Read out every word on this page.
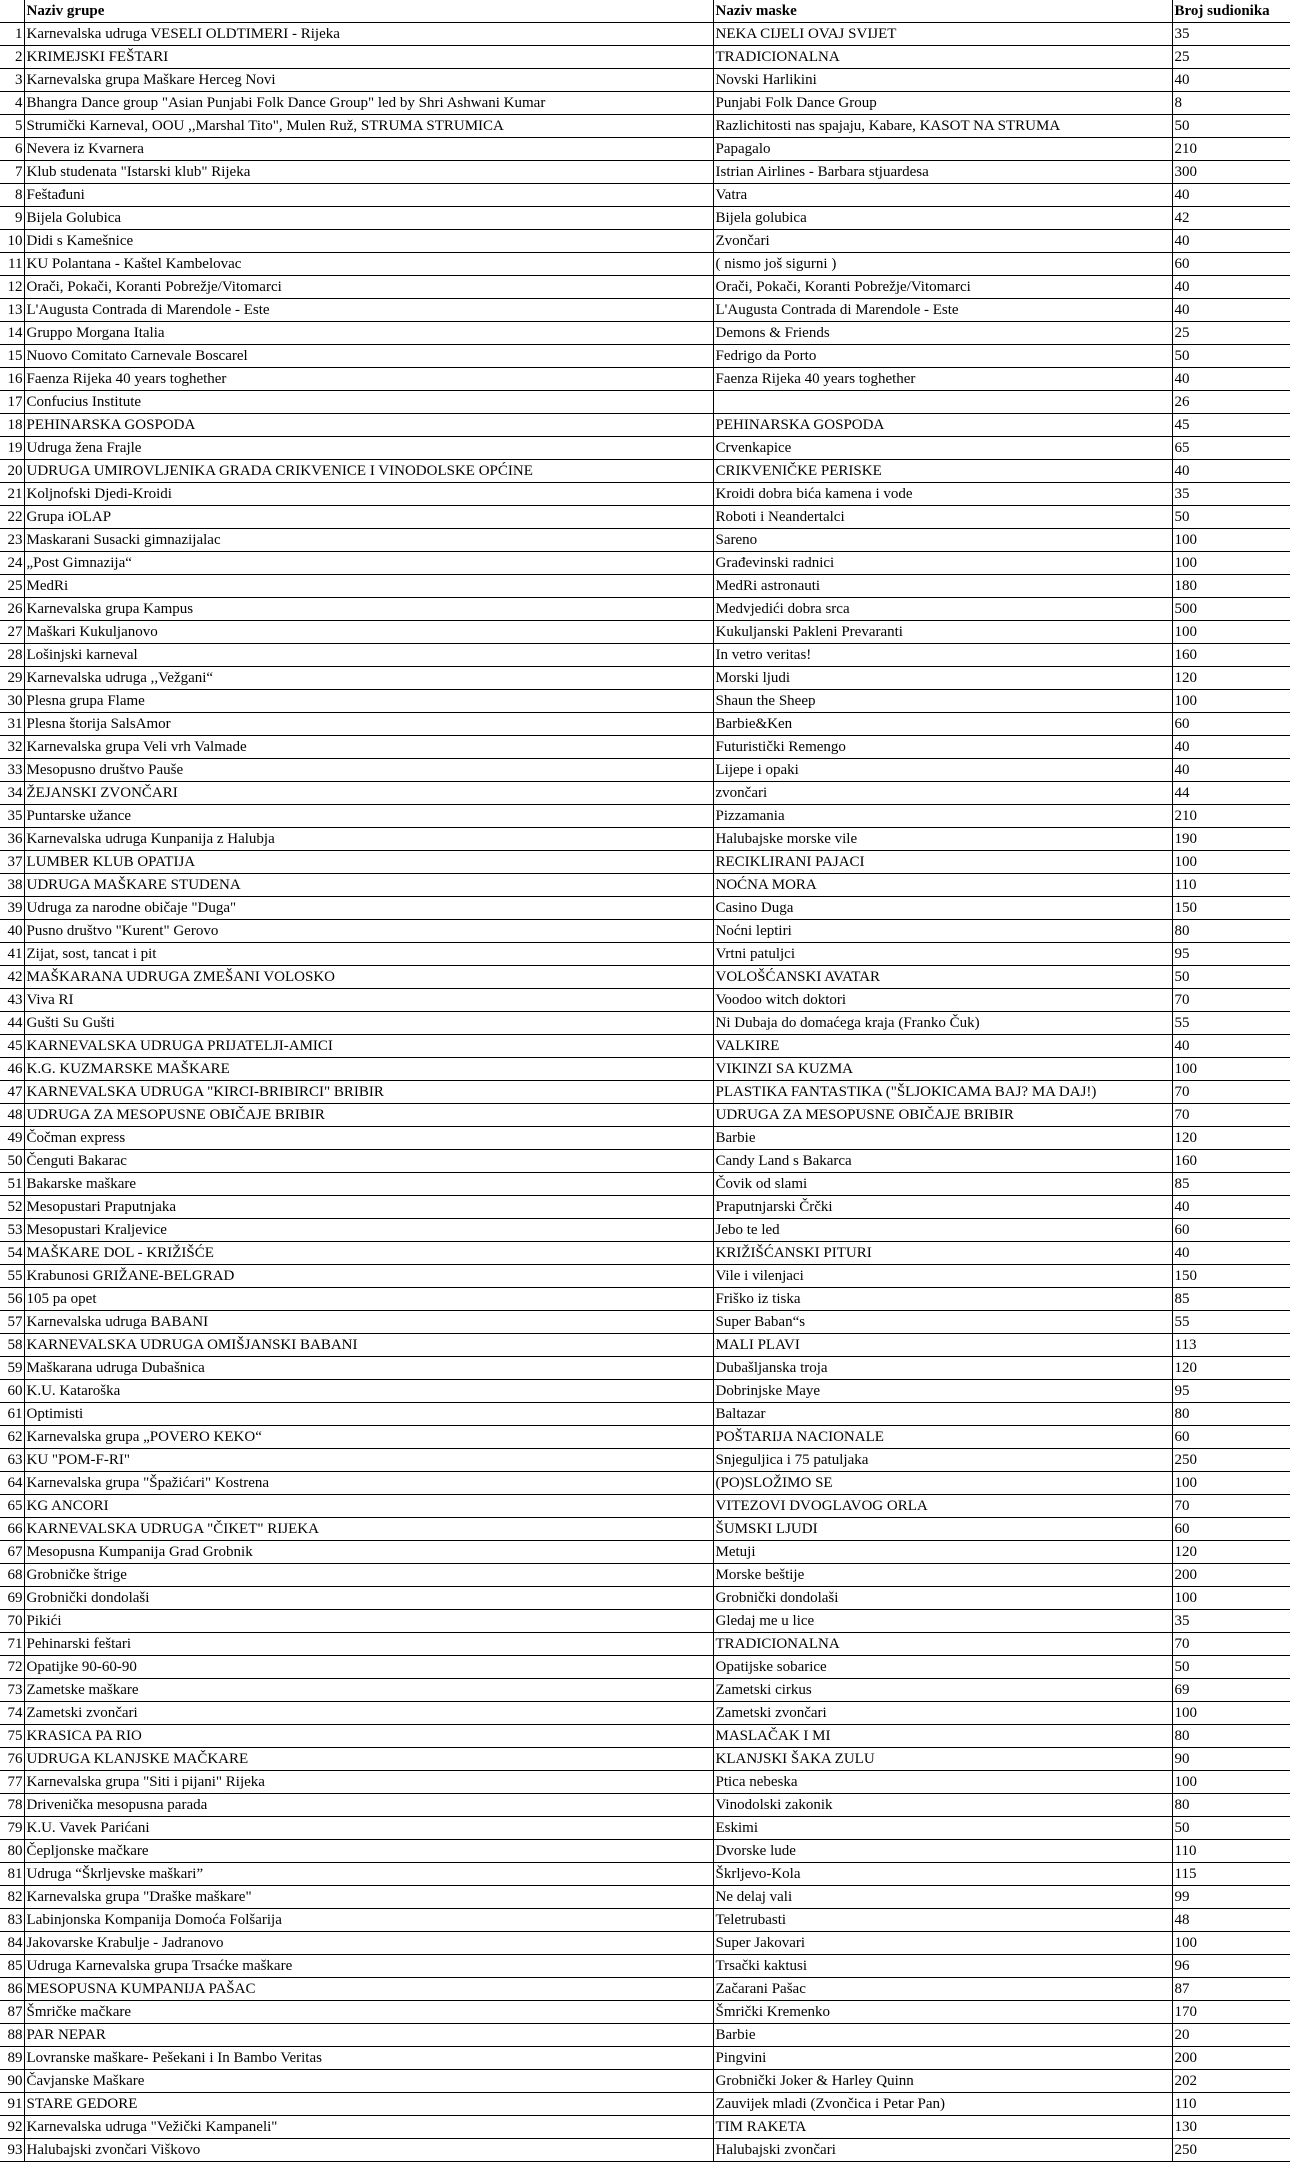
	Naziv grupe	Naziv maske	Broj sudionika
1	Karnevalska udruga VESELI OLDTIMERI - Rijeka	NEKA CIJELI OVAJ SVIJET	35
2	KRIMEJSKI FEŠTARI	TRADICIONALNA	25
3	Karnevalska grupa Maškare Herceg Novi	Novski Harlikini	40
4	Bhangra Dance group "Asian Punjabi Folk Dance Group" led by Shri Ashwani Kumar	Punjabi Folk Dance Group	8
5	Strumički Karneval, OOU ,,Marshal Tito", Mulen Ruž, STRUMA STRUMICA	Razlichitosti nas spajaju, Kabare, KASOT NA STRUMA	50
6	Nevera iz Kvarnera	Papagalo	210
7	Klub studenata "Istarski klub" Rijeka	Istrian Airlines - Barbara stjuardesa	300
8	Feštađuni	Vatra	40
9	Bijela Golubica	Bijela golubica	42
10	Didi s Kamešnice	Zvončari	40
11	KU Polantana - Kaštel Kambelovac	( nismo još sigurni )	60
12	Orači, Pokači, Koranti Pobrežje/Vitomarci	Orači, Pokači, Koranti Pobrežje/Vitomarci	40
13	L'Augusta Contrada di Marendole - Este	L'Augusta Contrada di Marendole - Este	40
14	Gruppo Morgana Italia	Demons & Friends	25
15	Nuovo Comitato Carnevale Boscarel	Fedrigo da Porto	50
16	Faenza Rijeka 40 years toghether	Faenza Rijeka 40 years toghether	40
17	Confucius Institute		26
18	PEHINARSKA GOSPODA	PEHINARSKA GOSPODA	45
19	Udruga žena Frajle	Crvenkapice	65
20	UDRUGA UMIROVLJENIKA GRADA CRIKVENICE I VINODOLSKE OPĆINE	CRIKVENIČKE PERISKE	40
21	Koljnofski Djedi-Kroidi	Kroidi dobra bića kamena i vode	35
22	Grupa iOLAP	Roboti i Neandertalci	50
23	Maskarani Susacki gimnazijalac	Sareno	100
24	„Post Gimnazija“	Građevinski radnici	100
25	MedRi	MedRi astronauti	180
26	Karnevalska grupa Kampus	Medvjedići dobra srca	500
27	Maškari Kukuljanovo	Kukuljanski Pakleni Prevaranti	100
28	Lošinjski karneval	In vetro veritas!	160
29	Karnevalska udruga ,,Vežgani“	Morski ljudi	120
30	Plesna grupa Flame	Shaun the Sheep	100
31	Plesna štorija SalsAmor	Barbie&Ken	60
32	Karnevalska grupa Veli vrh Valmade	Futuristički Remengo	40
33	Mesopusno društvo Pauše	Lijepe i opaki	40
34	ŽEJANSKI ZVONČARI	zvončari	44
35	Puntarske užance	Pizzamania	210
36	Karnevalska udruga Kunpanija z Halubja	Halubajske morske vile	190
37	LUMBER KLUB OPATIJA	RECIKLIRANI PAJACI	100
38	UDRUGA MAŠKARE STUDENA	NOĆNA MORA	110
39	Udruga za narodne običaje "Duga"	Casino Duga	150
40	Pusno društvo "Kurent" Gerovo	Noćni leptiri	80
41	Zijat, sost, tancat i pit	Vrtni patuljci	95
42	MAŠKARANA UDRUGA ZMEŠANI VOLOSKO	VOLOŠĆANSKI AVATAR	50
43	Viva RI	Voodoo witch doktori	70
44	Gušti Su Gušti	Ni Dubaja do domaćega kraja (Franko Čuk)	55
45	KARNEVALSKA UDRUGA PRIJATELJI-AMICI	VALKIRE	40
46	K.G. KUZMARSKE MAŠKARE	VIKINZI SA KUZMA	100
47	KARNEVALSKA UDRUGA "KIRCI-BRIBIRCI" BRIBIR	PLASTIKA FANTASTIKA ("ŠLJOKICAMA BAJ? MA DAJ!)	70
48	UDRUGA ZA MESOPUSNE OBIČAJE BRIBIR	UDRUGA ZA MESOPUSNE OBIČAJE BRIBIR	70
49	Čočman express	Barbie	120
50	Čenguti Bakarac	Candy Land s Bakarca	160
51	Bakarske maškare	Čovik od slami	85
52	Mesopustari Praputnjaka	Praputnjarski Črčki	40
53	Mesopustari Kraljevice	Jebo te led	60
54	MAŠKARE DOL - KRIŽIŠĆE	KRIŽIŠĆANSKI PITURI	40
55	Krabunosi GRIŽANE-BELGRAD	Vile i vilenjaci	150
56	105 pa opet	Friško iz tiska	85
57	Karnevalska udruga BABANI	Super Baban“s	55
58	KARNEVALSKA UDRUGA OMIŠJANSKI BABANI	MALI PLAVI	113
59	Maškarana udruga Dubašnica	Dubašljanska troja	120
60	K.U. Kataroška	Dobrinjske Maye	95
61	Optimisti	Baltazar	80
62	Karnevalska grupa „POVERO KEKO“	POŠTARIJA NACIONALE	60
63	KU "POM-F-RI"	Snjeguljica i 75 patuljaka	250
64	Karnevalska grupa "Špažićari" Kostrena	(PO)SLOŽIMO SE	100
65	KG ANCORI	VITEZOVI DVOGLAVOG ORLA	70
66	KARNEVALSKA UDRUGA "ČIKET" RIJEKA	ŠUMSKI LJUDI	60
67	Mesopusna Kumpanija Grad Grobnik	Metuji	120
68	Grobničke štrige	Morske beštije	200
69	Grobnički dondolaši	Grobnički dondolaši	100
70	Pikići	Gledaj me u lice	35
71	Pehinarski feštari	TRADICIONALNA	70
72	Opatijke 90-60-90	Opatijske sobarice	50
73	Zametske maškare	Zametski cirkus	69
74	Zametski zvončari	Zametski zvončari	100
75	KRASICA PA RIO	MASLAČAK I MI	80
76	UDRUGA KLANJSKE MAČKARE	KLANJSKI ŠAKA ZULU	90
77	Karnevalska grupa "Siti i pijani" Rijeka	Ptica nebeska	100
78	Drivenička mesopusna parada	Vinodolski zakonik	80
79	K.U. Vavek Parićani	Eskimi	50
80	Čepljonske mačkare	Dvorske lude	110
81	Udruga “Škrljevske maškari”	Škrljevo-Kola	115
82	Karnevalska grupa "Draške maškare"	Ne delaj vali	99
83	Labinjonska Kompanija Domoća Folšarija	Teletrubasti	48
84	Jakovarske Krabulje - Jadranovo	Super Jakovari	100
85	Udruga Karnevalska grupa Trsaćke maškare	Trsački kaktusi	96
86	MESOPUSNA KUMPANIJA PAŠAC	Začarani Pašac	87
87	Šmričke mačkare	Šmrički Kremenko	170
88	PAR NEPAR	Barbie	20
89	Lovranske maškare- Pešekani i In Bambo Veritas	Pingvini	200
90	Čavjanske Maškare	Grobnički Joker & Harley Quinn	202
91	STARE GEDORE	Zauvijek mladi (Zvončica i Petar Pan)	110
92	Karnevalska udruga "Vežički Kampaneli"	TIM RAKETA	130
93	Halubajski zvončari Viškovo	Halubajski zvončari	250
